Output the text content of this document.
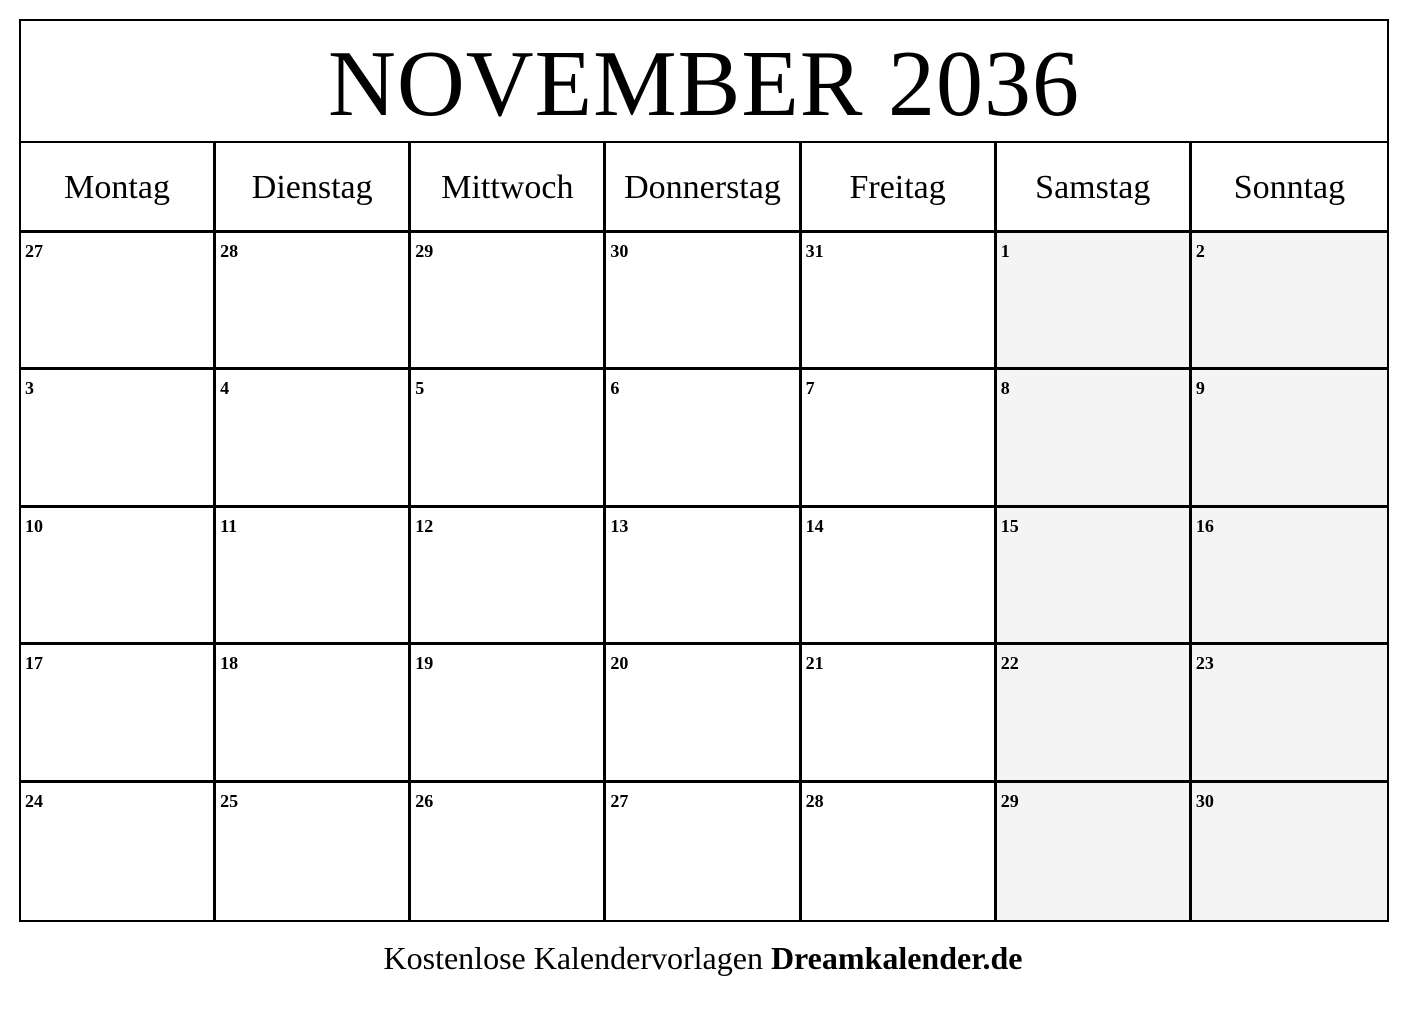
NOVEMBER 2036
Montag	Dienstag	Mittwoch	Donnerstag	Freitag	Samstag	Sonntag
27	28	29	30	31	1	2
3	4	5	6	7	8	9
10	11	12	13	14	15	16
17	18	19	20	21	22	23
24	25	26	27	28	29	30
Kostenlose Kalendervorlagen Dreamkalender.de
